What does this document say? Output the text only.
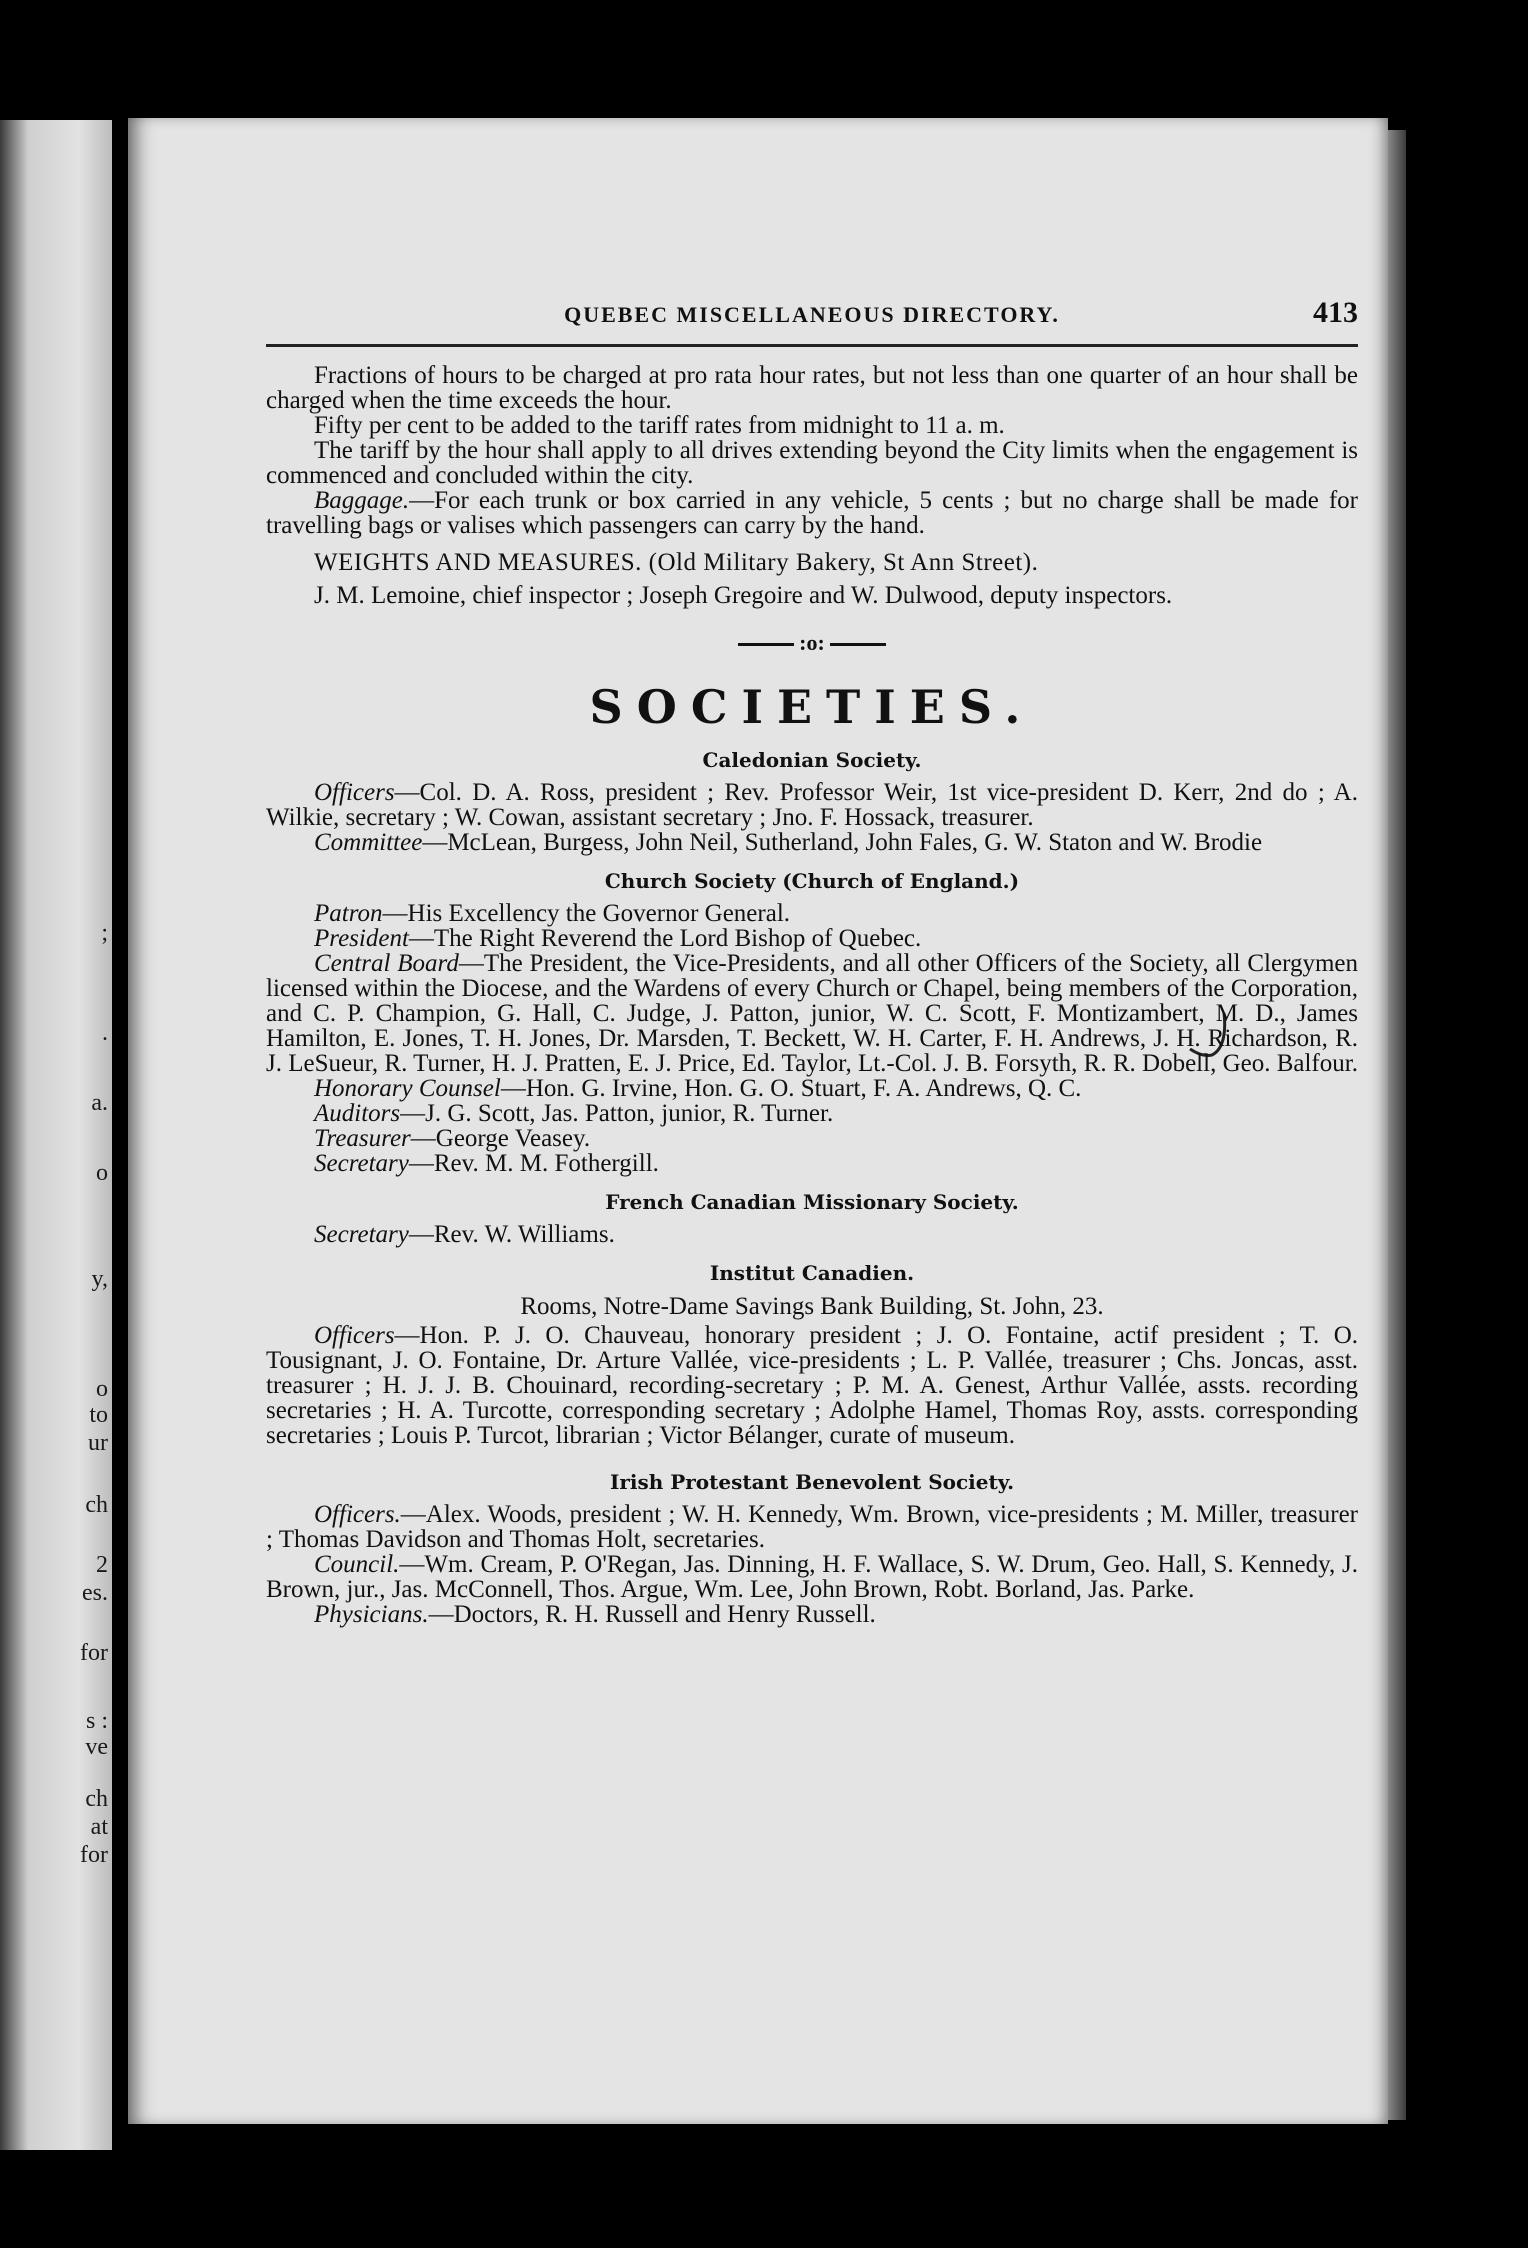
;
.
a.
o
y,
o
to
ur
ch
2
es.
for
s :
ve
ch
at
for
QUEBEC MISCELLANEOUS DIRECTORY.	413

Fractions of hours to be charged at pro rata hour rates, but not less than one quarter of an hour shall be charged when the time exceeds the hour.

Fifty per cent to be added to the tariff rates from midnight to 11 a. m.

The tariff by the hour shall apply to all drives extending beyond the City limits when the engagement is commenced and concluded within the city.

Baggage.—For each trunk or box carried in any vehicle, 5 cents ; but no charge shall be made for travelling bags or valises which passengers can carry by the hand.

WEIGHTS AND MEASURES. (Old Military Bakery, St Ann Street).

J. M. Lemoine, chief inspector ; Joseph Gregoire and W. Dulwood, deputy inspectors.

:o:
SOCIETIES.
Caledonian Society.

Officers—Col. D. A. Ross, president ; Rev. Professor Weir, 1st vice-president D. Kerr, 2nd do ; A. Wilkie, secretary ; W. Cowan, assistant secretary ; Jno. F. Hossack, treasurer.

Committee—McLean, Burgess, John Neil, Sutherland, John Fales, G. W. Staton and W. Brodie

Church Society (Church of England.)

Patron—His Excellency the Governor General.

President—The Right Reverend the Lord Bishop of Quebec.

Central Board—The President, the Vice-Presidents, and all other Officers of the Society, all Clergymen licensed within the Diocese, and the Wardens of every Church or Chapel, being members of the Corporation, and C. P. Champion, G. Hall, C. Judge, J. Patton, junior, W. C. Scott, F. Montizambert, M. D., James Hamilton, E. Jones, T. H. Jones, Dr. Marsden, T. Beckett, W. H. Carter, F. H. Andrews, J. H. Richardson, R. J. LeSueur, R. Turner, H. J. Pratten, E. J. Price, Ed. Taylor, Lt.-Col. J. B. Forsyth, R. R. Dobell, Geo. Balfour.

Honorary Counsel—Hon. G. Irvine, Hon. G. O. Stuart, F. A. Andrews, Q. C.

Auditors—J. G. Scott, Jas. Patton, junior, R. Turner.

Treasurer—George Veasey.

Secretary—Rev. M. M. Fothergill.

French Canadian Missionary Society.

Secretary—Rev. W. Williams.

Institut Canadien.
Rooms, Notre-Dame Savings Bank Building, St. John, 23.

Officers—Hon. P. J. O. Chauveau, honorary president ; J. O. Fontaine, actif president ; T. O. Tousignant, J. O. Fontaine, Dr. Arture Vallée, vice-presidents ; L. P. Vallée, treasurer ; Chs. Joncas, asst. treasurer ; H. J. J. B. Chouinard, recording-secretary ; P. M. A. Genest, Arthur Vallée, assts. recording secretaries ; H. A. Turcotte, corresponding secretary ; Adolphe Hamel, Thomas Roy, assts. corresponding secretaries ; Louis P. Turcot, librarian ; Victor Bélanger, curate of museum.

Irish Protestant Benevolent Society.

Officers.—Alex. Woods, president ; W. H. Kennedy, Wm. Brown, vice-presidents ; M. Miller, treasurer ; Thomas Davidson and Thomas Holt, secretaries.

Council.—Wm. Cream, P. O'Regan, Jas. Dinning, H. F. Wallace, S. W. Drum, Geo. Hall, S. Kennedy, J. Brown, jur., Jas. McConnell, Thos. Argue, Wm. Lee, John Brown, Robt. Borland, Jas. Parke.

Physicians.—Doctors, R. H. Russell and Henry Russell.
